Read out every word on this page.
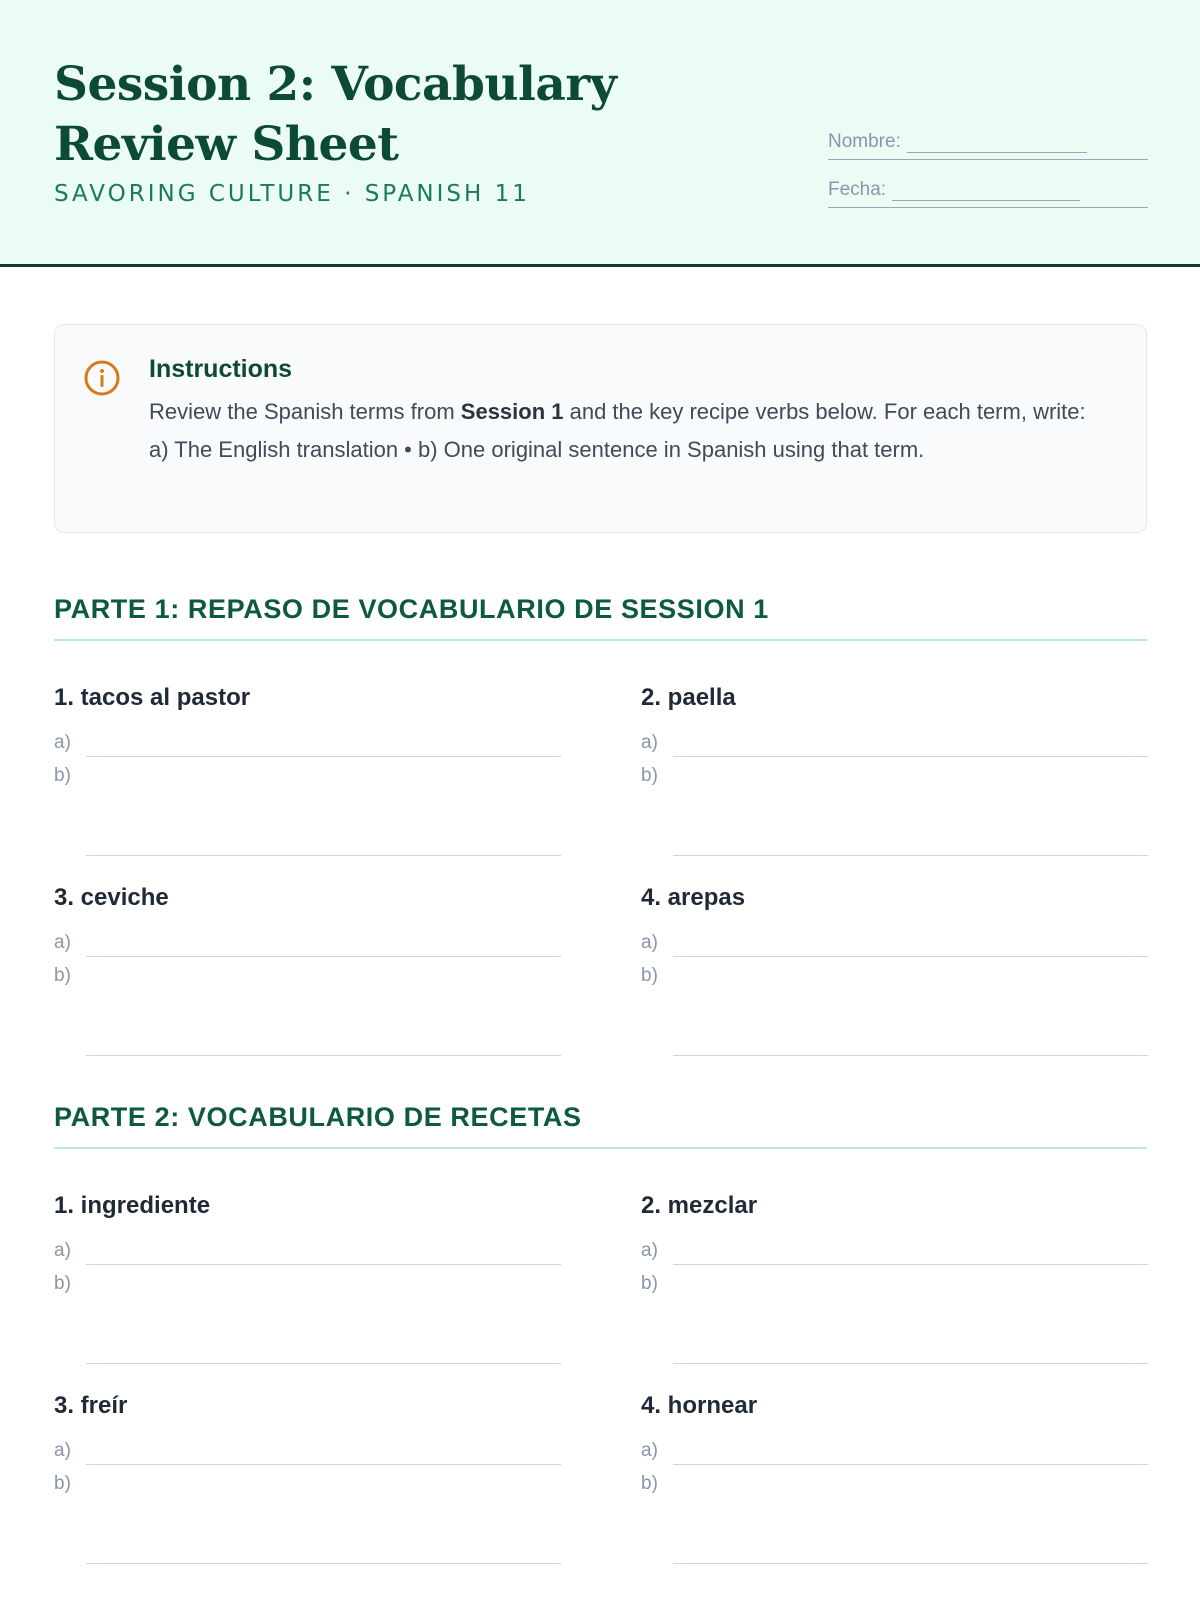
Session 2: Vocabulary Review Sheet
SAVORING CULTURE · SPANISH 11
Nombre:
Fecha:
Instructions
Review the Spanish terms from Session 1 and the key recipe verbs below. For each term, write:
a) The English translation • b) One original sentence in Spanish using that term.
PARTE 1: REPASO DE VOCABULARIO DE SESSION 1
PARTE 2: VOCABULARIO DE RECETAS
1. tacos al pastor
a)
b)
2. paella
a)
b)
3. ceviche
a)
b)
4. arepas
a)
b)
1. ingrediente
a)
b)
2. mezclar
a)
b)
3. freír
a)
b)
4. hornear
a)
b)
